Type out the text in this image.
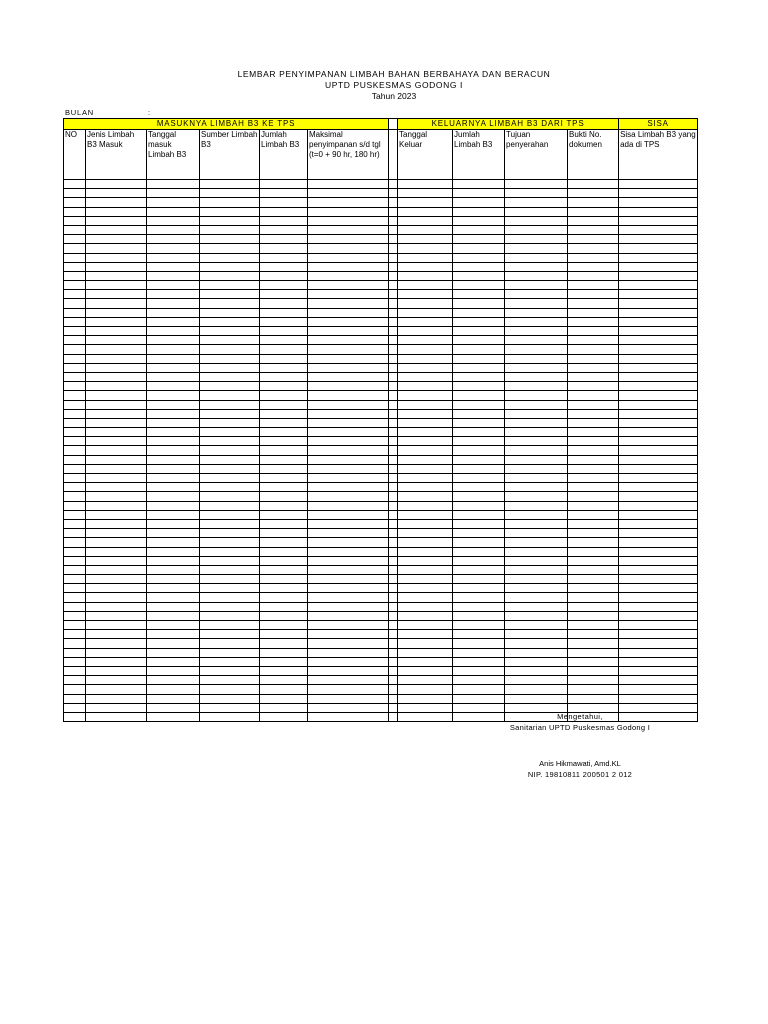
LEMBAR PENYIMPANAN LIMBAH BAHAN BERBAHAYA DAN BERACUN
UPTD PUSKESMAS GODONG I
Tahun 2023
BULAN	:
MASUKNYA LIMBAH B3 KE TPS							KELUARNYA LIMBAH B3 DARI TPS				SISA
NO	Jenis Limbah B3 Masuk	Tanggal masuk Limbah B3	Sumber Limbah B3	Jumlah Limbah B3	Maksimal penyimpanan s/d tgl (t=0 + 90 hr, 180 hr)		Tanggal Keluar	Jumlah Limbah B3	Tujuan penyerahan	Bukti No. dokumen	Sisa Limbah B3 yang ada di TPS

Mengetahui,
Sanitarian UPTD Puskesmas Godong I
Anis Hikmawati, Amd.KL
NIP. 19810811 200501 2 012
